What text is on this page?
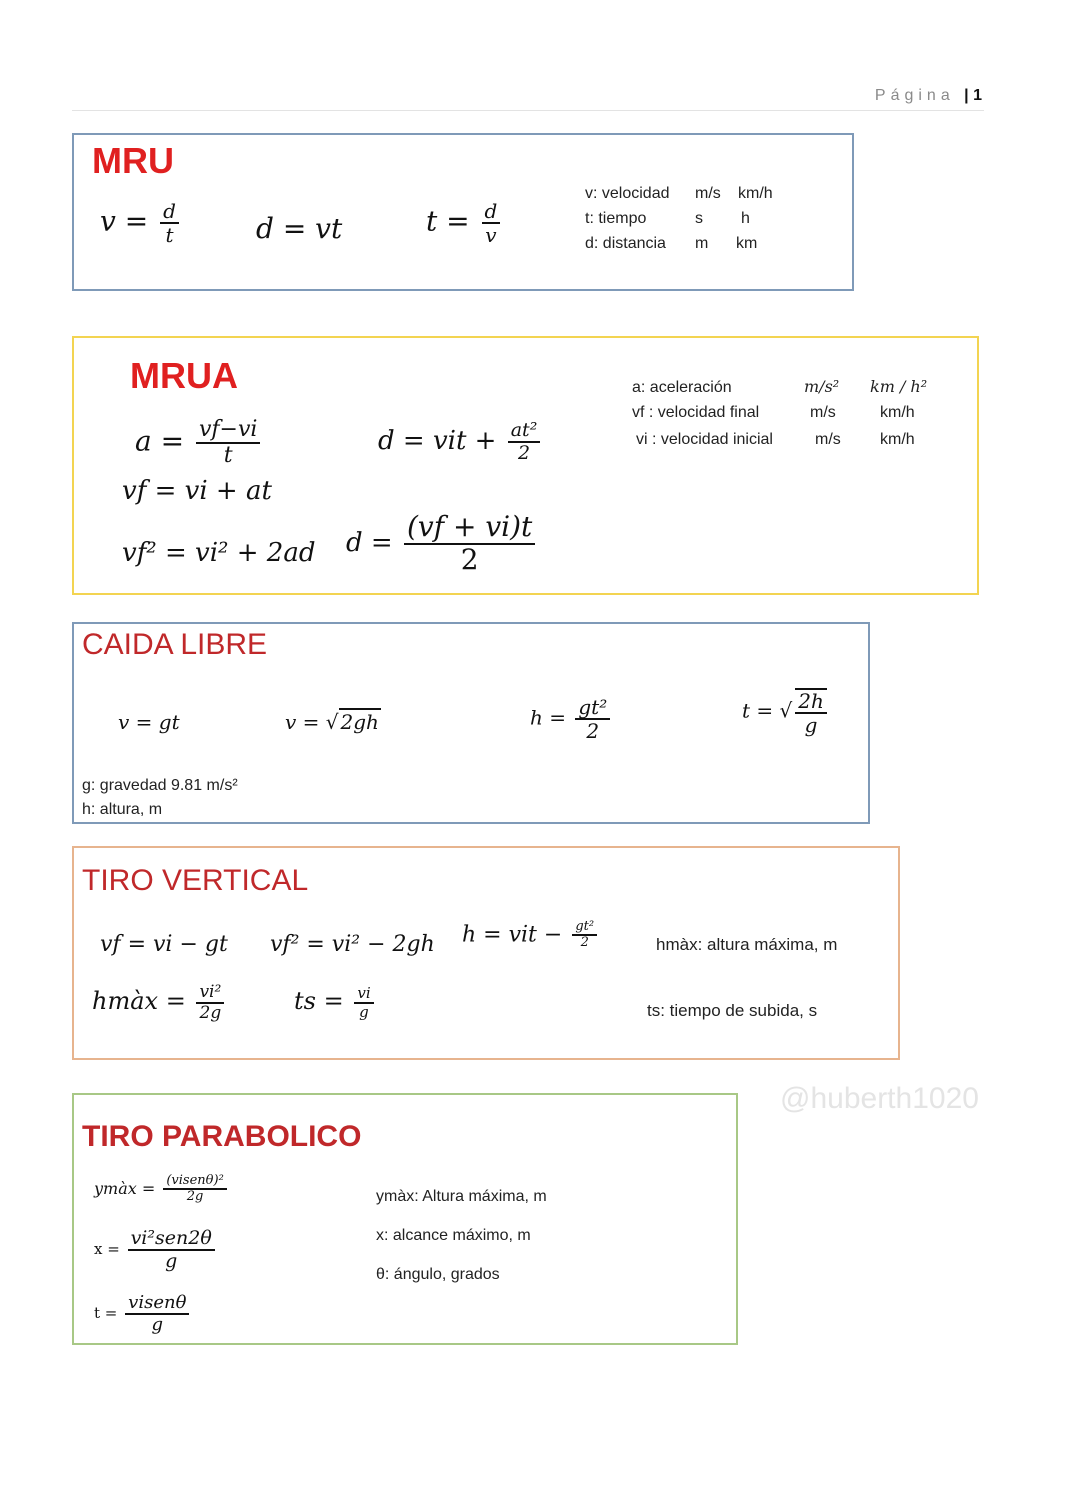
Página | 1
MRU
$v = \frac{d}{t}$	d = vt	$t = \frac{d}{v}$
v: velocidad m/s km/h
t: tiempo	s h
d: distancia m km
MRUA
$a = \frac{vf-vi}{t}$
vf = vi + at
vf² = vi² + 2ad
d = vit + $\frac{\text{at²}}{2}$
$d = \frac{(vf + vi)t}{2}$
a: aceleración	m/s² km / h²
vf : velocidad final	m/s	km/h
vi : velocidad inicial	m/s km/h
CAIDA LIBRE
v = gt	v = √ 2gh	$h = \frac{\text{gt²}}{2}$	t = √ $\frac{2h}{g}$
g: gravedad 9.81 m/s²
h: altura, m
TIRO VERTICAL
vf = vi − gt vf² = vi² − 2gh h = vit − $\frac{\text{gt²}}{2}$
hmàx = $\frac{\text{vi²}}{2g}$	ts = $\frac{vi}{g}$
hmàx: altura máxima, m
ts: tiempo de subida, s
@huberth1020
TIRO PARABOLICO
ymàx = (visenθ)²
2g
x = vi²sen2θ
g
t = visenθ
g
ymàx: Altura máxima, m
x: alcance máximo, m
θ: ángulo, grados
